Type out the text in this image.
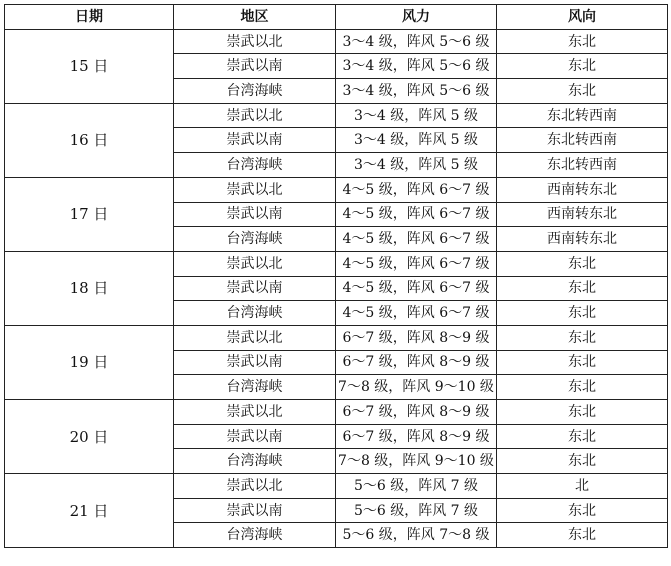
日期	地区	风力	风向
15 日	崇武以北	3～4 级，阵风 5～6 级	东北
	崇武以南	3～4 级，阵风 5～6 级	东北
	台湾海峡	3～4 级，阵风 5～6 级	东北
16 日	崇武以北	3～4 级，阵风 5 级	东北转西南
	崇武以南	3～4 级，阵风 5 级	东北转西南
	台湾海峡	3～4 级，阵风 5 级	东北转西南
17 日	崇武以北	4～5 级，阵风 6～7 级	西南转东北
	崇武以南	4～5 级，阵风 6～7 级	西南转东北
	台湾海峡	4～5 级，阵风 6～7 级	西南转东北
18 日	崇武以北	4～5 级，阵风 6～7 级	东北
	崇武以南	4～5 级，阵风 6～7 级	东北
	台湾海峡	4～5 级，阵风 6～7 级	东北
19 日	崇武以北	6～7 级，阵风 8～9 级	东北
	崇武以南	6～7 级，阵风 8～9 级	东北
	台湾海峡	7～8 级，阵风 9～10 级	东北
20 日	崇武以北	6～7 级，阵风 8～9 级	东北
	崇武以南	6～7 级，阵风 8～9 级	东北
	台湾海峡	7～8 级，阵风 9～10 级	东北
21 日	崇武以北	5～6 级，阵风 7 级	北
	崇武以南	5～6 级，阵风 7 级	东北
	台湾海峡	5～6 级，阵风 7～8 级	东北
